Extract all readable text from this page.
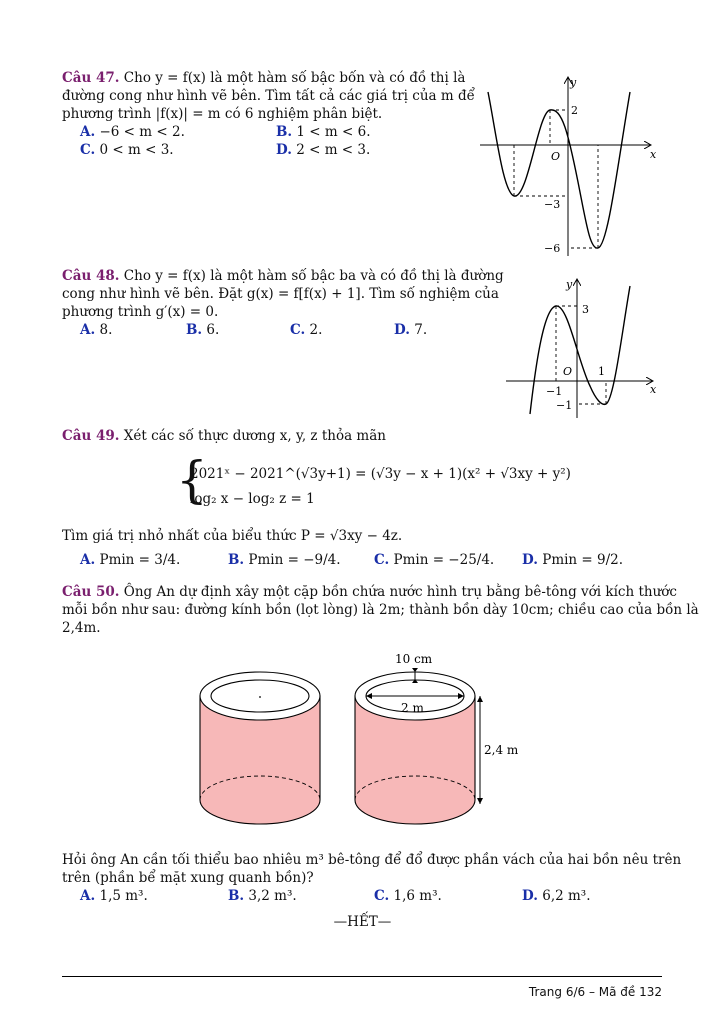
Câu 47. Cho y = f(x) là một hàm số bậc bốn và có đồ thị là
đường cong như hình vẽ bên. Tìm tất cả các giá trị của m để
phương trình |f(x)| = m có 6 nghiệm phân biệt.
A. −6 < m < 2.	B. 1 < m < 6.
C. 0 < m < 3.	D. 2 < m < 3.
y
x
O
2
−3
−6
Câu 48. Cho y = f(x) là một hàm số bậc ba và có đồ thị là đường
cong như hình vẽ bên. Đặt g(x) = f[f(x) + 1]. Tìm số nghiệm của
phương trình g′(x) = 0.
A. 8.	B. 6.	C. 2.	D. 7.
y
x
O
3
1
−1
−1
Câu 49. Xét các số thực dương x, y, z thỏa mãn
{
2021ˣ − 2021^(√3y+1) = (√3y − x + 1)(x² + √3xy + y²)
log₂ x − log₂ z = 1
Tìm giá trị nhỏ nhất của biểu thức P = √3xy − 4z.
A. Pmin = 3/4.	B. Pmin = −9/4. C. Pmin = −25/4. D. Pmin = 9/2.
Câu 50. Ông An dự định xây một cặp bồn chứa nước hình trụ bằng bê-tông với kích thước
mỗi bồn như sau: đường kính bồn (lọt lòng) là 2m; thành bồn dày 10cm; chiều cao của bồn là
2,4m.
10 cm
2 m
2,4 m
Hỏi ông An cần tối thiểu bao nhiêu m³ bê-tông để đổ được phần vách của hai bồn nêu trên
trên (phần bể mặt xung quanh bồn)?
A. 1,5 m³.	B. 3,2 m³.	C. 1,6 m³.	D. 6,2 m³.
—HẾT—
Trang 6/6 – Mã đề 132
